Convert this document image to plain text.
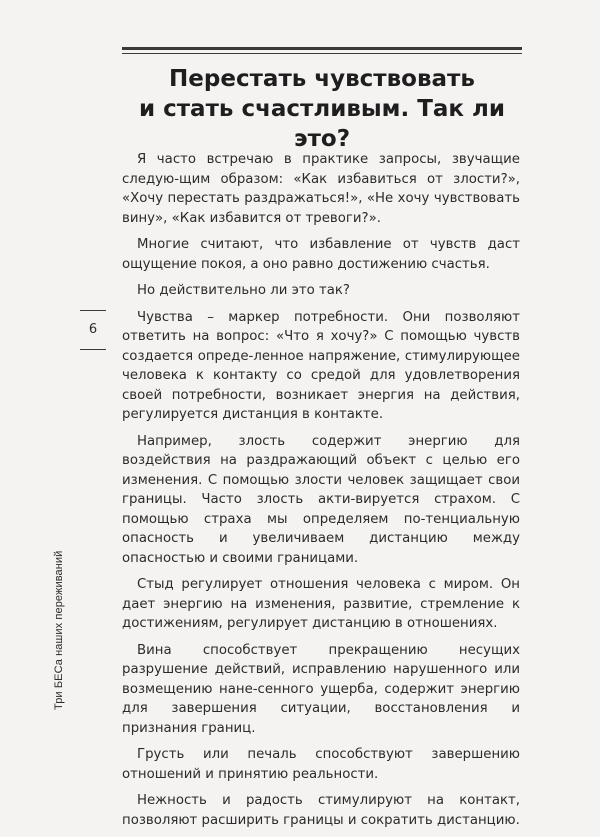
Перестать чувствовать
и стать счастливым. Так ли это?

Я часто встречаю в практике запросы, звучащие следую-щим образом: «Как избавиться от злости?», «Хочу перестать раздражаться!», «Не хочу чувствовать вину», «Как избавится от тревоги?».

Многие считают, что избавление от чувств даст ощущение покоя, а оно равно достижению счастья.

Но действительно ли это так?

Чувства – маркер потребности. Они позволяют ответить на вопрос: «Что я хочу?» С помощью чувств создается опреде-ленное напряжение, стимулирующее человека к контакту со средой для удовлетворения своей потребности, возникает энергия на действия, регулируется дистанция в контакте.

Например, злость содержит энергию для воздействия на раздражающий объект с целью его изменения. С помощью злости человек защищает свои границы. Часто злость акти-вируется страхом. С помощью страха мы определяем по-тенциальную опасность и увеличиваем дистанцию между опасностью и своими границами.

Стыд регулирует отношения человека с миром. Он дает энергию на изменения, развитие, стремление к достижениям, регулирует дистанцию в отношениях.

Вина способствует прекращению несущих разрушение действий, исправлению нарушенного или возмещению нане-сенного ущерба, содержит энергию для завершения ситуации, восстановления и признания границ.

Грусть или печаль способствуют завершению отношений и принятию реальности.

Нежность и радость стимулируют на контакт, позволяют расширить границы и сократить дистанцию.

6
Три БЕСа наших переживаний
